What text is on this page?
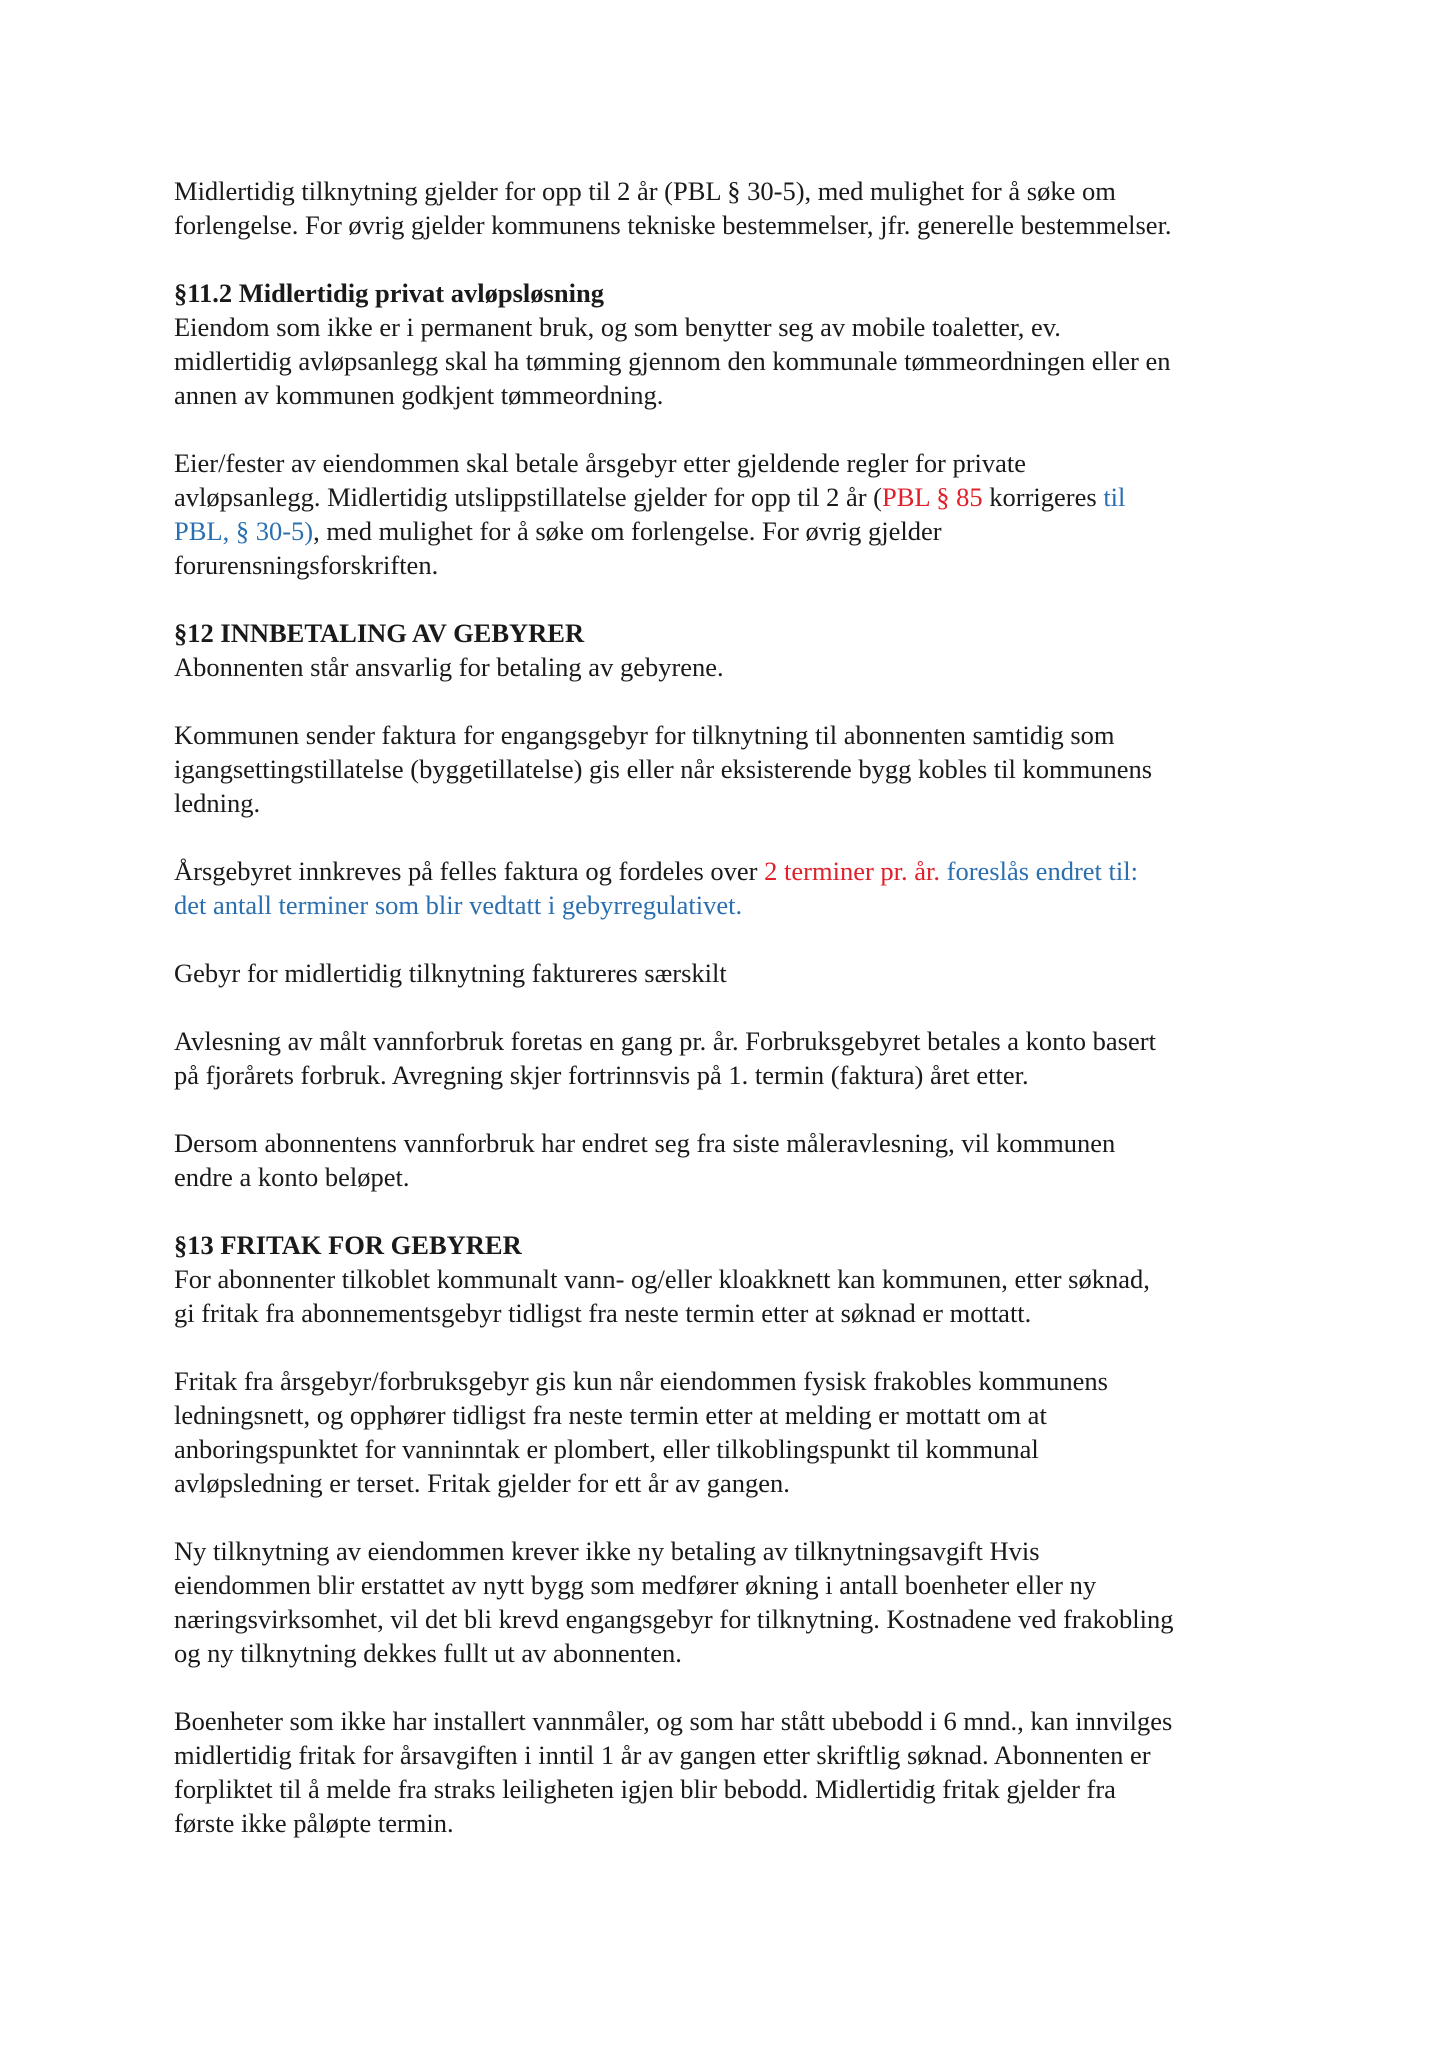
Midlertidig tilknytning gjelder for opp til 2 år (PBL § 30-5), med mulighet for å søke om
forlengelse. For øvrig gjelder kommunens tekniske bestemmelser, jfr. generelle bestemmelser.
§11.2 Midlertidig privat avløpsløsning
Eiendom som ikke er i permanent bruk, og som benytter seg av mobile toaletter, ev.
midlertidig avløpsanlegg skal ha tømming gjennom den kommunale tømmeordningen eller en
annen av kommunen godkjent tømmeordning.
Eier/fester av eiendommen skal betale årsgebyr etter gjeldende regler for private
avløpsanlegg. Midlertidig utslippstillatelse gjelder for opp til 2 år (PBL § 85 korrigeres til
PBL, § 30-5), med mulighet for å søke om forlengelse. For øvrig gjelder
forurensningsforskriften.
§12 INNBETALING AV GEBYRER
Abonnenten står ansvarlig for betaling av gebyrene.
Kommunen sender faktura for engangsgebyr for tilknytning til abonnenten samtidig som
igangsettingstillatelse (byggetillatelse) gis eller når eksisterende bygg kobles til kommunens
ledning.
Årsgebyret innkreves på felles faktura og fordeles over 2 terminer pr. år. foreslås endret til:
det antall terminer som blir vedtatt i gebyrregulativet.
Gebyr for midlertidig tilknytning faktureres særskilt
Avlesning av målt vannforbruk foretas en gang pr. år. Forbruksgebyret betales a konto basert
på fjorårets forbruk. Avregning skjer fortrinnsvis på 1. termin (faktura) året etter.
Dersom abonnentens vannforbruk har endret seg fra siste måleravlesning, vil kommunen
endre a konto beløpet.
§13 FRITAK FOR GEBYRER
For abonnenter tilkoblet kommunalt vann- og/eller kloakknett kan kommunen, etter søknad,
gi fritak fra abonnementsgebyr tidligst fra neste termin etter at søknad er mottatt.
Fritak fra årsgebyr/forbruksgebyr gis kun når eiendommen fysisk frakobles kommunens
ledningsnett, og opphører tidligst fra neste termin etter at melding er mottatt om at
anboringspunktet for vanninntak er plombert, eller tilkoblingspunkt til kommunal
avløpsledning er terset. Fritak gjelder for ett år av gangen.
Ny tilknytning av eiendommen krever ikke ny betaling av tilknytningsavgift Hvis
eiendommen blir erstattet av nytt bygg som medfører økning i antall boenheter eller ny
næringsvirksomhet, vil det bli krevd engangsgebyr for tilknytning. Kostnadene ved frakobling
og ny tilknytning dekkes fullt ut av abonnenten.
Boenheter som ikke har installert vannmåler, og som har stått ubebodd i 6 mnd., kan innvilges
midlertidig fritak for årsavgiften i inntil 1 år av gangen etter skriftlig søknad. Abonnenten er
forpliktet til å melde fra straks leiligheten igjen blir bebodd. Midlertidig fritak gjelder fra
første ikke påløpte termin.
